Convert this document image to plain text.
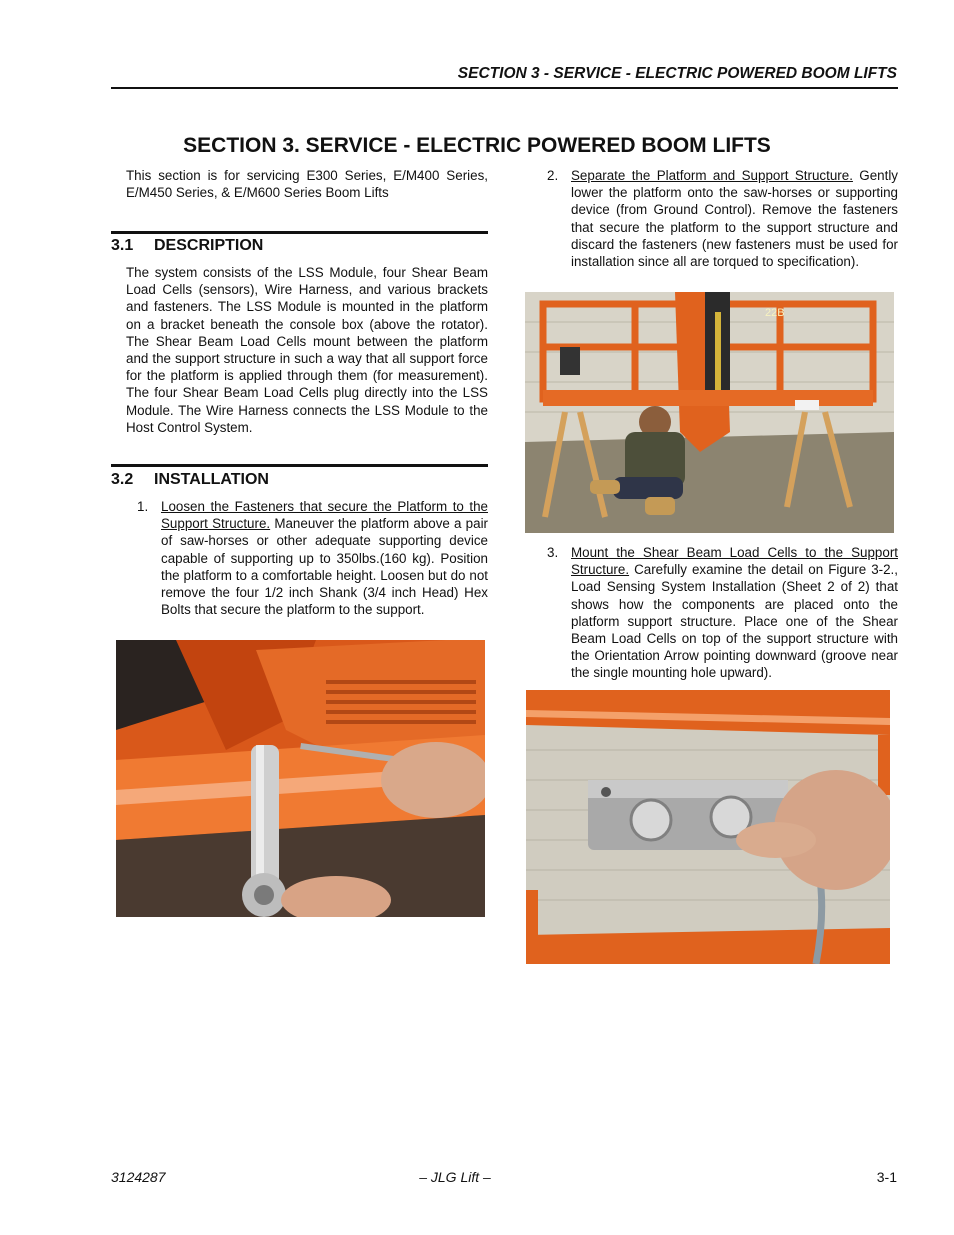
SECTION 3 - SERVICE - ELECTRIC POWERED BOOM LIFTS
SECTION 3. SERVICE - ELECTRIC POWERED BOOM LIFTS

This section is for servicing E300 Series, E/M400 Series, E/M450 Series, & E/M600 Series Boom Lifts

3.1 DESCRIPTION

The system consists of the LSS Module, four Shear Beam Load Cells (sensors), Wire Harness, and various brackets and fasteners. The LSS Module is mounted in the platform on a bracket beneath the console box (above the rotator). The Shear Beam Load Cells mount between the platform and the support structure in such a way that all support force for the platform is applied through them (for measurement). The four Shear Beam Load Cells plug directly into the LSS Module. The Wire Harness connects the LSS Module to the Host Control System.

3.2 INSTALLATION
1. Loosen the Fasteners that secure the Platform to the Support Structure. Maneuver the platform above a pair of saw-horses or other adequate supporting device capable of supporting up to 350lbs.(160 kg). Position the platform to a comfortable height. Loosen but do not remove the four 1/2 inch Shank (3/4 inch Head) Hex Bolts that secure the platform to the support.

2. Separate the Platform and Support Structure. Gently lower the platform onto the saw-horses or supporting device (from Ground Control). Remove the fasteners that secure the platform to the support structure and discard the fasteners (new fasteners must be used for installation since all are torqued to specification).

22B
3. Mount the Shear Beam Load Cells to the Support Structure. Carefully examine the detail on Figure 3-2., Load Sensing System Installation (Sheet 2 of 2) that shows how the components are placed onto the platform support structure. Place one of the Shear Beam Load Cells on top of the support structure with the Orientation Arrow pointing downward (groove near the single mounting hole upward).

3124287	– JLG Lift –	3-1
